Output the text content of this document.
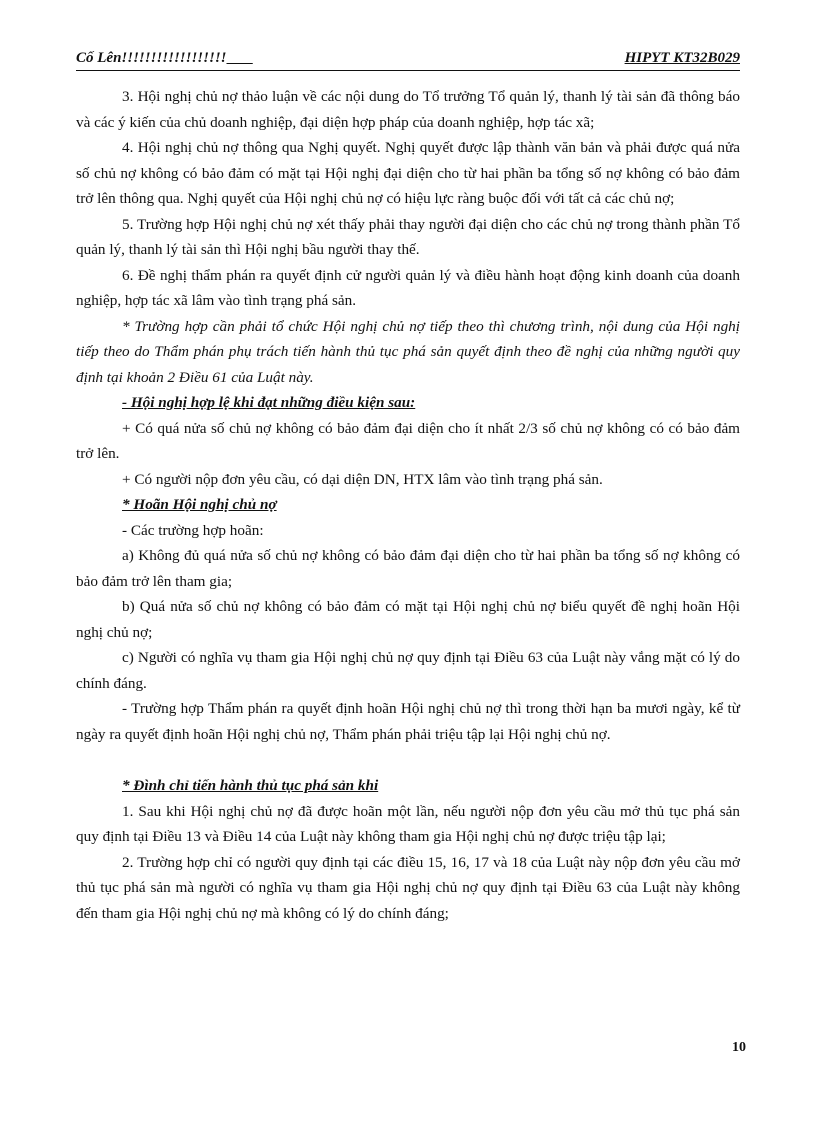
Cố Lên!!!!!!!!!!!!!!!!!!	HIPYT KT32B029

3. Hội nghị chủ nợ thảo luận về các nội dung do Tổ trưởng Tổ quản lý, thanh lý tài sản đã thông báo và các ý kiến của chủ doanh nghiệp, đại diện hợp pháp của doanh nghiệp, hợp tác xã;

4. Hội nghị chủ nợ thông qua Nghị quyết. Nghị quyết được lập thành văn bản và phải được quá nửa số chủ nợ không có bảo đảm có mặt tại Hội nghị đại diện cho từ hai phần ba tổng số nợ không có bảo đảm trở lên thông qua. Nghị quyết của Hội nghị chủ nợ có hiệu lực ràng buộc đối với tất cả các chủ nợ;

5. Trường hợp Hội nghị chủ nợ xét thấy phải thay người đại diện cho các chủ nợ trong thành phần Tổ quản lý, thanh lý tài sản thì Hội nghị bầu người thay thế.

6. Đề nghị thẩm phán ra quyết định cử người quản lý và điều hành hoạt động kinh doanh của doanh nghiệp, hợp tác xã lâm vào tình trạng phá sản.

* Trường hợp cần phải tổ chức Hội nghị chủ nợ tiếp theo thì chương trình, nội dung của Hội nghị tiếp theo do Thẩm phán phụ trách tiến hành thủ tục phá sản quyết định theo đề nghị của những người quy định tại khoản 2 Điều 61 của Luật này.

- Hội nghị hợp lệ khi đạt những điều kiện sau:

+ Có quá nửa số chủ nợ không có bảo đảm đại diện cho ít nhất 2/3 số chủ nợ không có có bảo đảm trở lên.

+ Có người nộp đơn yêu cầu, có dại diện DN, HTX lâm vào tình trạng phá sản.

* Hoãn Hội nghị chủ nợ

- Các trường hợp hoãn:

a) Không đủ quá nửa số chủ nợ không có bảo đảm đại diện cho từ hai phần ba tổng số nợ không có bảo đảm trở lên tham gia;

b) Quá nửa số chủ nợ không có bảo đảm có mặt tại Hội nghị chủ nợ biểu quyết đề nghị hoãn Hội nghị chủ nợ;

c) Người có nghĩa vụ tham gia Hội nghị chủ nợ quy định tại Điều 63 của Luật này vắng mặt có lý do chính đáng.

- Trường hợp Thẩm phán ra quyết định hoãn Hội nghị chủ nợ thì trong thời hạn ba mươi ngày, kể từ ngày ra quyết định hoãn Hội nghị chủ nợ, Thẩm phán phải triệu tập lại Hội nghị chủ nợ.

* Đình chỉ tiến hành thủ tục phá sản khi

1. Sau khi Hội nghị chủ nợ đã được hoãn một lần, nếu người nộp đơn yêu cầu mở thủ tục phá sản quy định tại Điều 13 và Điều 14 của Luật này không tham gia Hội nghị chủ nợ được triệu tập lại;

2. Trường hợp chỉ có người quy định tại các điều 15, 16, 17 và 18 của Luật này nộp đơn yêu cầu mở thủ tục phá sản mà người có nghĩa vụ tham gia Hội nghị chủ nợ quy định tại Điều 63 của Luật này không đến tham gia Hội nghị chủ nợ mà không có lý do chính đáng;

10
